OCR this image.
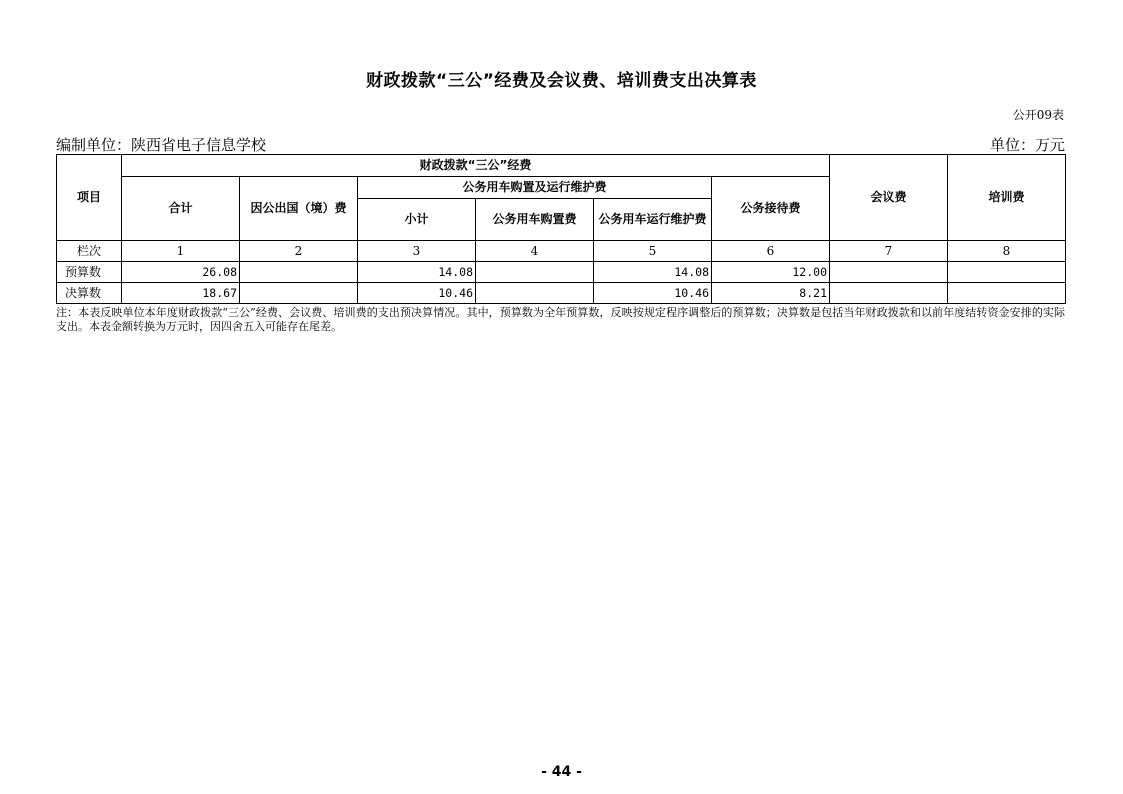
财政拨款“三公”经费及会议费、培训费支出决算表
公开09表
编制单位：陕西省电子信息学校	单位：万元
项目	财政拨款“三公”经费						会议费	培训费
	合计	因公出国（境）费	公务用车购置及运行维护费			公务接待费		
			小计	公务用车购置费	公务用车运行维护费			
栏次	1	2	3	4	5	6	7	8
预算数	26.08		14.08		14.08	12.00		
决算数	18.67		10.46		10.46	8.21		
注：本表反映单位本年度财政拨款“三公”经费、会议费、培训费的支出预决算情况。其中，预算数为全年预算数，反映按规定程序调整后的预算数；决算数是包括当年财政拨款和以前年度结转资金安排的实际支出。本表金额转换为万元时，因四舍五入可能存在尾差。
- 44 -
